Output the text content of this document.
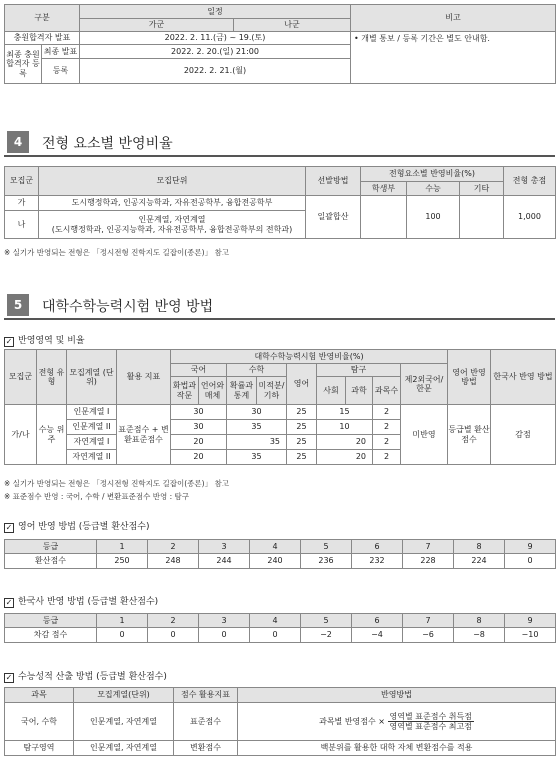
구분		일정		비고
		가군	나군	
충원합격자 발표		2022. 2. 11.(금) ~ 19.(토)		• 개별 통보 / 등록 기간은 별도 안내함.
최종 충원합격자 등록	최종 발표	2022. 2. 20.(일) 21:00		
	등록	2022. 2. 21.(월)		
4	전형 요소별 반영비율
모집군	모집단위	선발방법	전형요소별 반영비율(%)			전형 총점
			학생부	수능	기타	
가	도시행정학과, 인공지능학과, 자유전공학부, 융합전공학부	일괄합산		100		1,000
나	인문계열, 자연계열
(도시행정학과, 인공지능학과, 자유전공학부, 융합전공학부의 전학과)					
※ 실기가 반영되는 전형은 「정시전형 진학지도 길잡이(종론)」 참고
5	대학수학능력시험 반영 방법
✓ 반영영역 및 비율
모집군	전형 유형	모집계열 (단위)	활용 지표	대학수학능력시험 반영비율(%)									영어 반영 방법	한국사 반영 방법
				국어		수학		영어	탐구			제2외국어/ 한문		
				화법과 작문	언어와 매체	확률과 통계	미적분/ 기하		사회	과학	과목수			
가/나	수능 위주	인문계열 I	표준점수 + 변환표준점수	30		30		25	15		2	미반영	등급별 환산점수	감점
		인문계열 II		30		35		25	10		2			
		자연계열 I		20		35		25	20		2			
		자연계열 II		20		35		25	20		2			
※ 실기가 반영되는 전형은 「정시전형 진학지도 길잡이(종론)」 참고
※ 표준점수 반영 : 국어, 수학 / 변환표준점수 반영 : 탐구
✓ 영어 반영 방법 (등급별 환산점수)
등급	1	2	3	4	5	6	7	8	9
환산점수	250	248	244	240	236	232	228	224	0
✓ 한국사 반영 방법 (등급별 환산점수)
등급	1	2	3	4	5	6	7	8	9
차감 점수	0	0	0	0	−2	−4	−6	−8	−10
✓ 수능성적 산출 방법 (등급별 환산점수)
과목	모집계열(단위)	점수 활용지표	반영방법
국어, 수학	인문계열, 자연계열	표준점수	과목별 반영점수 × $\frac{\text{영역별 표준점수 취득점}}{\text{영역별 표준점수 최고점}}$

탐구영역	인문계열, 자연계열	변환점수	백분위를 활용한 대학 자체 변환점수를 적용
